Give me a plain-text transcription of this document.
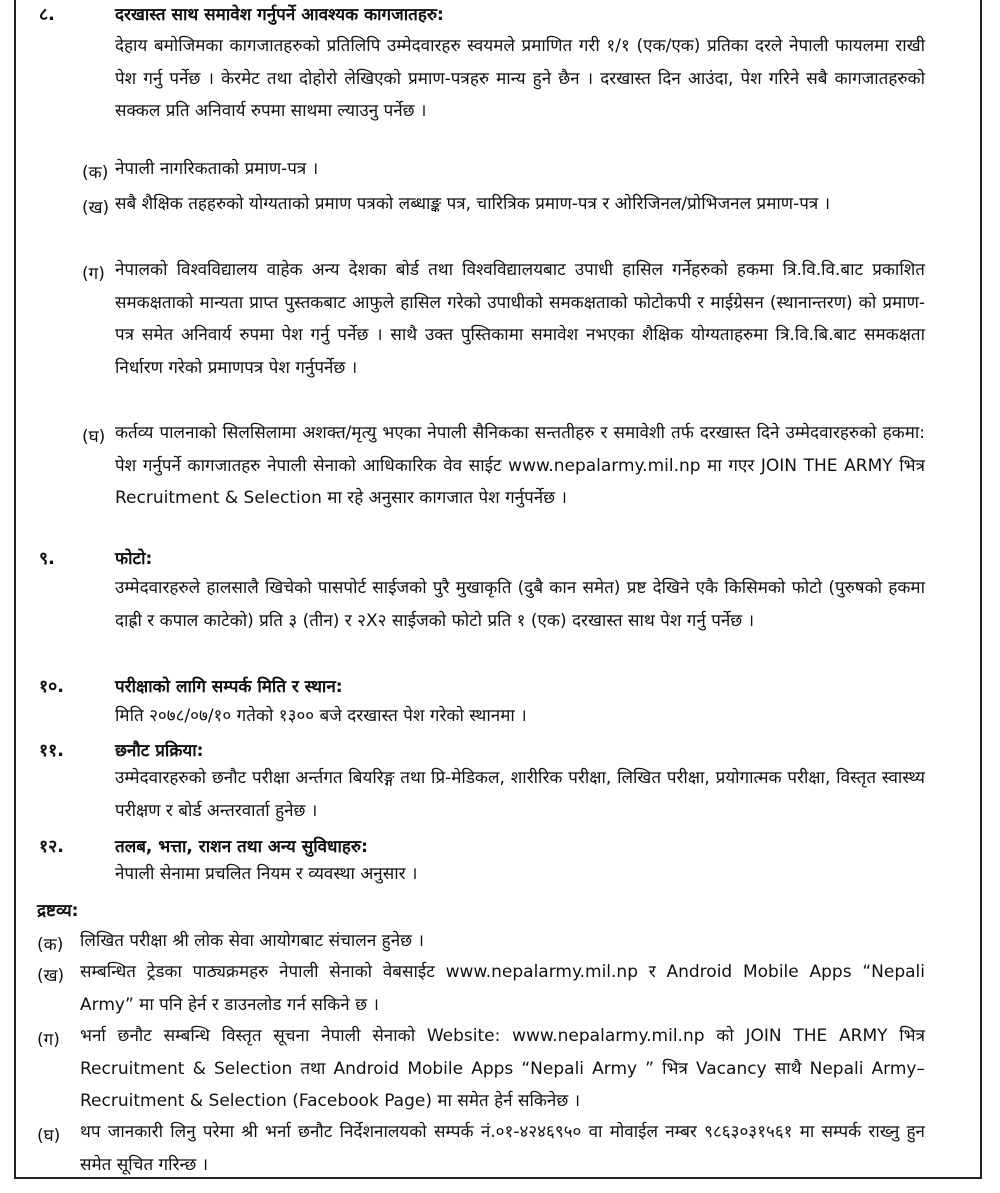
८.	दरखास्त साथ समावेश गर्नुपर्ने आवश्यक कागजातहरु:
देहाय बमोजिमका कागजातहरुको प्रतिलिपि उम्मेदवारहरु स्वयमले प्रमाणित गरी १/१ (एक/एक) प्रतिका दरले नेपाली फायलमा राखी पेश गर्नु पर्नेछ । केरमेट तथा दोहोरो लेखिएको प्रमाण-पत्रहरु मान्य हुने छैन । दरखास्त दिन आउंदा, पेश गरिने सबै कागजातहरुको सक्कल प्रति अनिवार्य रुपमा साथमा ल्याउनु पर्नेछ ।
(क) नेपाली नागरिकताको प्रमाण-पत्र ।
(ख) सबै शैक्षिक तहहरुको योग्यताको प्रमाण पत्रको लब्धाङ्क पत्र, चारित्रिक प्रमाण-पत्र र ओरिजिनल/प्रोभिजनल प्रमाण-पत्र ।
(ग) नेपालको विश्वविद्यालय वाहेक अन्य देशका बोर्ड तथा विश्वविद्यालयबाट उपाधी हासिल गर्नेहरुको हकमा त्रि.वि.वि.बाट प्रकाशित समकक्षताको मान्यता प्राप्त पुस्तकबाट आफुले हासिल गरेको उपाधीको समकक्षताको फोटोकपी र माईग्रेसन (स्थानान्तरण) को प्रमाण-पत्र समेत अनिवार्य रुपमा पेश गर्नु पर्नेछ । साथै उक्त पुस्तिकामा समावेश नभएका शैक्षिक योग्यताहरुमा त्रि.वि.बि.बाट समकक्षता निर्धारण गरेको प्रमाणपत्र पेश गर्नुपर्नेछ ।
(घ) कर्तव्य पालनाको सिलसिलामा अशक्त/मृत्यु भएका नेपाली सैनिकका सन्ततीहरु र समावेशी तर्फ दरखास्त दिने उम्मेदवारहरुको हकमा: पेश गर्नुपर्ने कागजातहरु नेपाली सेनाको आधिकारिक वेव साईट www.nepalarmy.mil.np मा गएर JOIN THE ARMY भित्र Recruitment & Selection मा रहे अनुसार कागजात पेश गर्नुपर्नेछ ।
९.	फोटो:
उम्मेदवारहरुले हालसालै खिचेको पासपोर्ट साईजको पुरै मुखाकृति (दुबै कान समेत) प्रष्ट देखिने एकै किसिमको फोटो (पुरुषको हकमा दाह्री र कपाल काटेको) प्रति ३ (तीन) र २X२ साईजको फोटो प्रति १ (एक) दरखास्त साथ पेश गर्नु पर्नेछ ।
१०.	परीक्षाको लागि सम्पर्क मिति र स्थान:
मिति २०७८/०७/१० गतेको १३०० बजे दरखास्त पेश गरेको स्थानमा ।
११.	छनौट प्रक्रिया:
उम्मेदवारहरुको छनौट परीक्षा अर्न्तगत बियरिङ्ग तथा प्रि-मेडिकल, शारीरिक परीक्षा, लिखित परीक्षा, प्रयोगात्मक परीक्षा, विस्तृत स्वास्थ्य परीक्षण र बोर्ड अन्तरवार्ता हुनेछ ।
१२.	तलब, भत्ता, राशन तथा अन्य सुविधाहरु:
नेपाली सेनामा प्रचलित नियम र व्यवस्था अनुसार ।
द्रष्टव्य:
(क) लिखित परीक्षा श्री लोक सेवा आयोगबाट संचालन हुनेछ ।
(ख) सम्बन्धित ट्रेडका पाठ्यक्रमहरु नेपाली सेनाको वेबसाईट www.nepalarmy.mil.np र Android Mobile Apps “Nepali Army” मा पनि हेर्न र डाउनलोड गर्न सकिने छ ।
(ग) भर्ना छनौट सम्बन्धि विस्तृत सूचना नेपाली सेनाको Website: www.nepalarmy.mil.np को JOIN THE ARMY भित्र Recruitment & Selection तथा Android Mobile Apps “Nepali Army ” भित्र Vacancy साथै Nepali Army–Recruitment & Selection (Facebook Page) मा समेत हेर्न सकिनेछ ।
(घ) थप जानकारी लिनु परेमा श्री भर्ना छनौट निर्देशनालयको सम्पर्क नं.०१-४२४६९५० वा मोवाईल नम्बर ९८६३०३१५६१ मा सम्पर्क राख्नु हुन समेत सूचित गरिन्छ ।
